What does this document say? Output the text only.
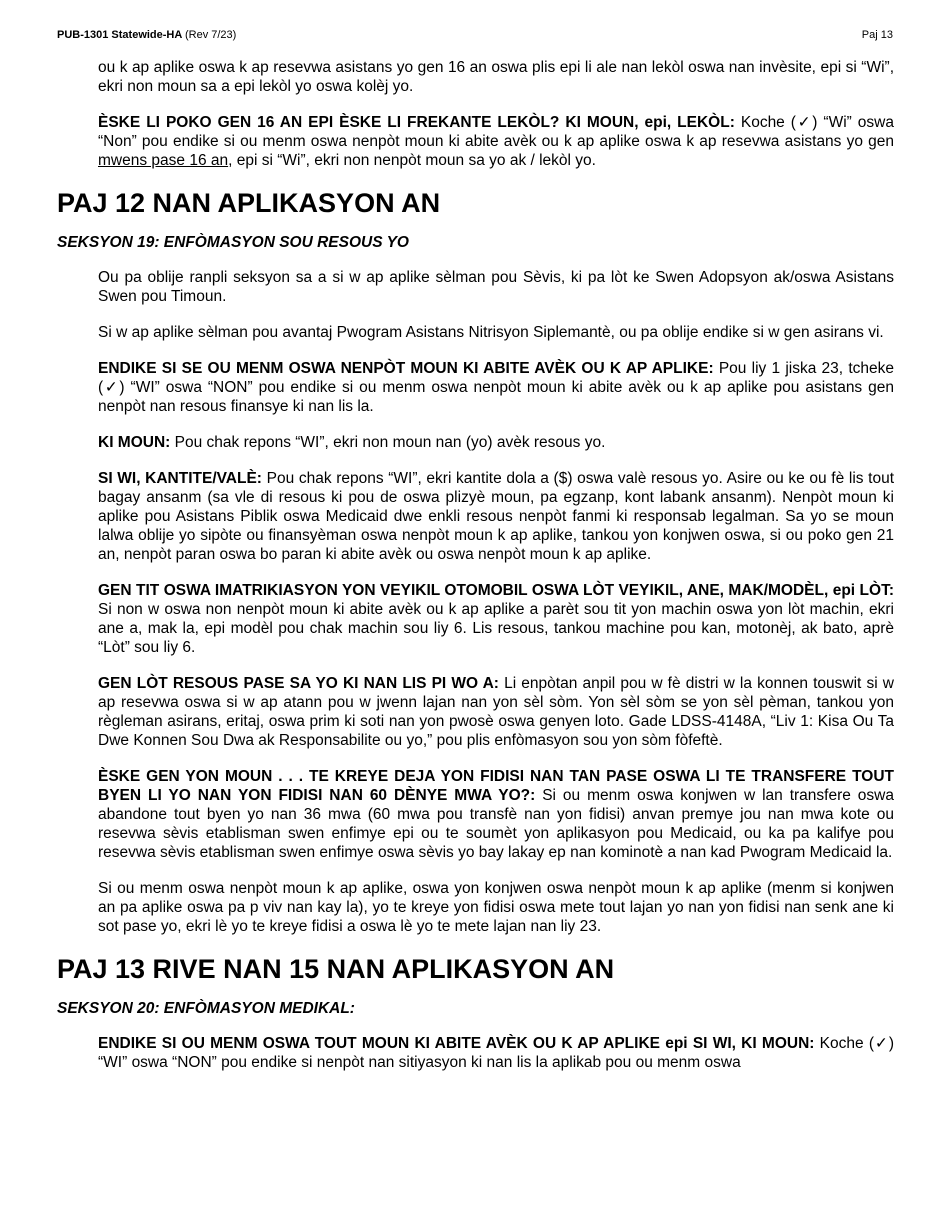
PUB-1301 Statewide-HA (Rev 7/23)	Paj 13

ou k ap aplike oswa k ap resevwa asistans yo gen 16 an oswa plis epi li ale nan lekòl oswa nan invèsite, epi si “Wi”, ekri non moun sa a epi lekòl yo oswa kolèj yo.

ÈSKE LI POKO GEN 16 AN EPI ÈSKE LI FREKANTE LEKÒL? KI MOUN, epi, LEKÒL: Koche (✓) “Wi” oswa “Non” pou endike si ou menm oswa nenpòt moun ki abite avèk ou k ap aplike oswa k ap resevwa asistans yo gen mwens pase 16 an, epi si “Wi”, ekri non nenpòt moun sa yo ak / lekòl yo.

PAJ 12 NAN APLIKASYON AN
SEKSYON 19: ENFÒMASYON SOU RESOUS YO

Ou pa oblije ranpli seksyon sa a si w ap aplike sèlman pou Sèvis, ki pa lòt ke Swen Adopsyon ak/oswa Asistans Swen pou Timoun.

Si w ap aplike sèlman pou avantaj Pwogram Asistans Nitrisyon Siplemantè, ou pa oblije endike si w gen asirans vi.

ENDIKE SI SE OU MENM OSWA NENPÒT MOUN KI ABITE AVÈK OU K AP APLIKE: Pou liy 1 jiska 23, tcheke (✓) “WI” oswa “NON” pou endike si ou menm oswa nenpòt moun ki abite avèk ou k ap aplike pou asistans gen nenpòt nan resous finansye ki nan lis la.

KI MOUN: Pou chak repons “WI”, ekri non moun nan (yo) avèk resous yo.

SI WI, KANTITE/VALÈ: Pou chak repons “WI”, ekri kantite dola a ($) oswa valè resous yo. Asire ou ke ou fè lis tout bagay ansanm (sa vle di resous ki pou de oswa plizyè moun, pa egzanp, kont labank ansanm). Nenpòt moun ki aplike pou Asistans Piblik oswa Medicaid dwe enkli resous nenpòt fanmi ki responsab legalman. Sa yo se moun lalwa oblije yo sipòte ou finansyèman oswa nenpòt moun k ap aplike, tankou yon konjwen oswa, si ou poko gen 21 an, nenpòt paran oswa bo paran ki abite avèk ou oswa nenpòt moun k ap aplike.

GEN TIT OSWA IMATRIKIASYON YON VEYIKIL OTOMOBIL OSWA LÒT VEYIKIL, ANE, MAK/MODÈL, epi LÒT: Si non w oswa non nenpòt moun ki abite avèk ou k ap aplike a parèt sou tit yon machin oswa yon lòt machin, ekri ane a, mak la, epi modèl pou chak machin sou liy 6. Lis resous, tankou machine pou kan, motonèj, ak bato, aprè “Lòt” sou liy 6.

GEN LÒT RESOUS PASE SA YO KI NAN LIS PI WO A: Li enpòtan anpil pou w fè distri w la konnen touswit si w ap resevwa oswa si w ap atann pou w jwenn lajan nan yon sèl sòm. Yon sèl sòm se yon sèl pèman, tankou yon règleman asirans, eritaj, oswa prim ki soti nan yon pwosè oswa genyen loto. Gade LDSS-4148A, “Liv 1: Kisa Ou Ta Dwe Konnen Sou Dwa ak Responsabilite ou yo,” pou plis enfòmasyon sou yon sòm fòfeftè.

ÈSKE GEN YON MOUN . . . TE KREYE DEJA YON FIDISI NAN TAN PASE OSWA LI TE TRANSFERE TOUT BYEN LI YO NAN YON FIDISI NAN 60 DÈNYE MWA YO?: Si ou menm oswa konjwen w lan transfere oswa abandone tout byen yo nan 36 mwa (60 mwa pou transfè nan yon fidisi) anvan premye jou nan mwa kote ou resevwa sèvis etablisman swen enfimye epi ou te soumèt yon aplikasyon pou Medicaid, ou ka pa kalifye pou resevwa sèvis etablisman swen enfimye oswa sèvis yo bay lakay ep nan kominotè a nan kad Pwogram Medicaid la.

Si ou menm oswa nenpòt moun k ap aplike, oswa yon konjwen oswa nenpòt moun k ap aplike (menm si konjwen an pa aplike oswa pa p viv nan kay la), yo te kreye yon fidisi oswa mete tout lajan yo nan yon fidisi nan senk ane ki sot pase yo, ekri lè yo te kreye fidisi a oswa lè yo te mete lajan nan liy 23.

PAJ 13 RIVE NAN 15 NAN APLIKASYON AN
SEKSYON 20: ENFÒMASYON MEDIKAL:

ENDIKE SI OU MENM OSWA TOUT MOUN KI ABITE AVÈK OU K AP APLIKE epi SI WI, KI MOUN: Koche (✓) “WI” oswa “NON” pou endike si nenpòt nan sitiyasyon ki nan lis la aplikab pou ou menm oswa
